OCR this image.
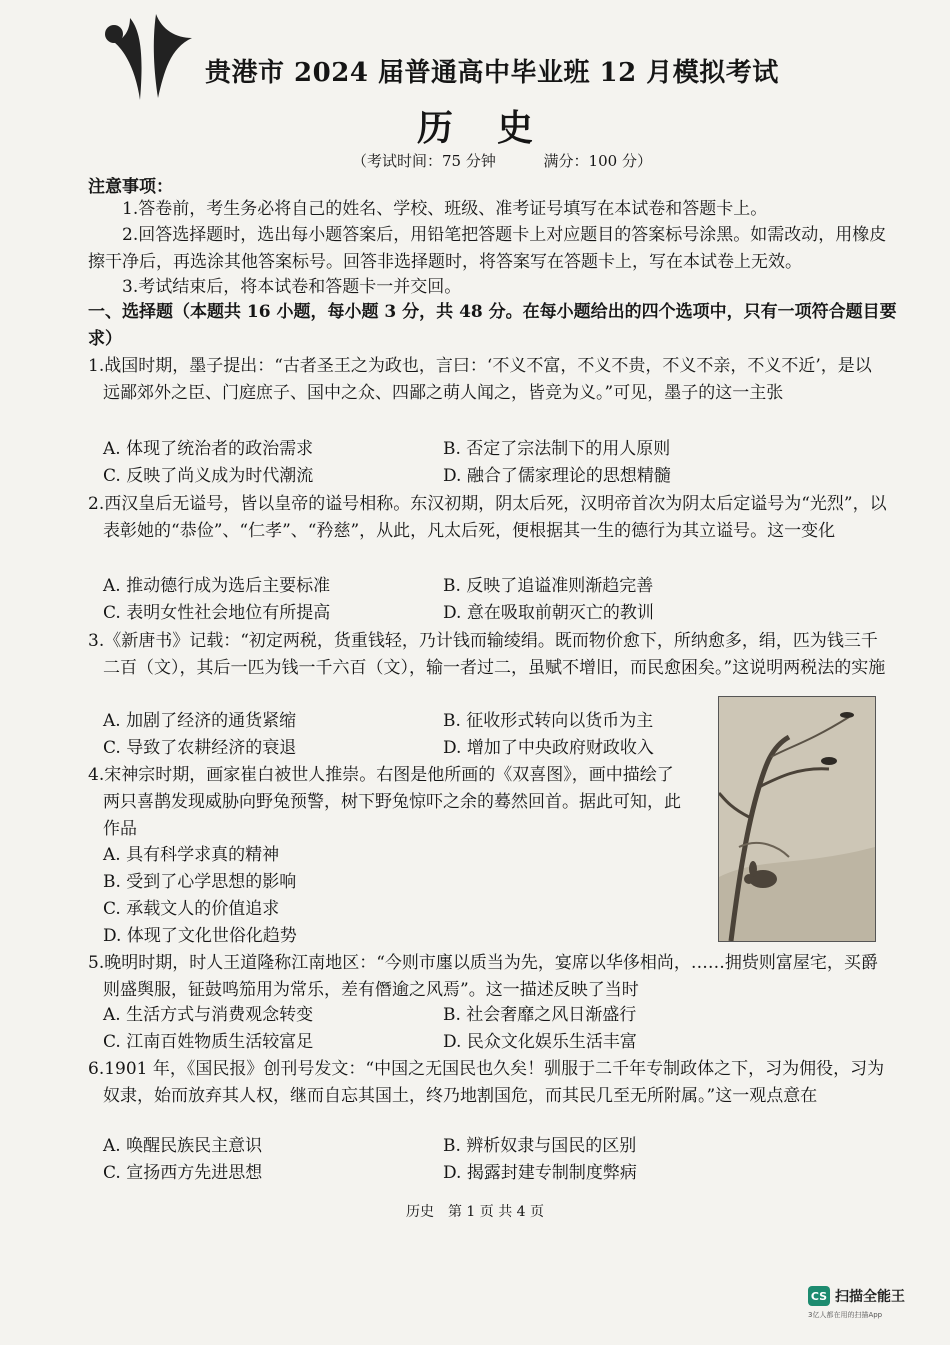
贵港市 2024 届普通高中毕业班 12 月模拟考试
历史
（考试时间：75 分钟	满分：100 分）
注意事项：
1.答卷前，考生务必将自己的姓名、学校、班级、准考证号填写在本试卷和答题卡上。
2.回答选择题时，选出每小题答案后，用铅笔把答题卡上对应题目的答案标号涂黑。如需改动，用橡皮擦干净后，再选涂其他答案标号。回答非选择题时，将答案写在答题卡上，写在本试卷上无效。
3.考试结束后，将本试卷和答题卡一并交回。
一、选择题（本题共 16 小题，每小题 3 分，共 48 分。在每小题给出的四个选项中，只有一项符合题目要求）
1.战国时期，墨子提出：“古者圣王之为政也，言曰：‘不义不富，不义不贵，不义不亲，不义不近’，是以远鄙郊外之臣、门庭庶子、国中之众、四鄙之萌人闻之，皆竞为义。”可见，墨子的这一主张
A. 体现了统治者的政治需求	B. 否定了宗法制下的用人原则
C. 反映了尚义成为时代潮流	D. 融合了儒家理论的思想精髓
2.西汉皇后无谥号，皆以皇帝的谥号相称。东汉初期，阴太后死，汉明帝首次为阴太后定谥号为“光烈”，以表彰她的“恭俭”、“仁孝”、“矜慈”，从此，凡太后死，便根据其一生的德行为其立谥号。这一变化
A. 推动德行成为选后主要标准	B. 反映了追谥准则渐趋完善
C. 表明女性社会地位有所提高	D. 意在吸取前朝灭亡的教训
3.《新唐书》记载：“初定两税，货重钱轻，乃计钱而输绫绢。既而物价愈下，所纳愈多，绢，匹为钱三千二百（文），其后一匹为钱一千六百（文），输一者过二，虽赋不增旧，而民愈困矣。”这说明两税法的实施
A. 加剧了经济的通货紧缩	B. 征收形式转向以货币为主
C. 导致了农耕经济的衰退	D. 增加了中央政府财政收入
4.宋神宗时期，画家崔白被世人推崇。右图是他所画的《双喜图》，画中描绘了两只喜鹊发现威胁向野兔预警，树下野兔惊吓之余的蓦然回首。据此可知，此作品
A. 具有科学求真的精神
B. 受到了心学思想的影响
C. 承载文人的价值追求
D. 体现了文化世俗化趋势
5.晚明时期，时人王道隆称江南地区：“今则市廛以质当为先，宴席以华侈相尚，……拥赀则富屋宅，买爵则盛舆服，钲鼓鸣笳用为常乐，差有僭逾之风焉”。这一描述反映了当时
A. 生活方式与消费观念转变	B. 社会奢靡之风日渐盛行
C. 江南百姓物质生活较富足	D. 民众文化娱乐生活丰富
6.1901 年，《国民报》创刊号发文：“中国之无国民也久矣！驯服于二千年专制政体之下，习为佣役，习为奴隶，始而放弃其人权，继而自忘其国土，终乃地割国危，而其民几至无所附属。”这一观点意在
A. 唤醒民族民主意识	B. 辨析奴隶与国民的区别
C. 宣扬西方先进思想	D. 揭露封建专制制度弊病
历史　第 1 页 共 4 页
CS 扫描全能王
3亿人都在用的扫描App
